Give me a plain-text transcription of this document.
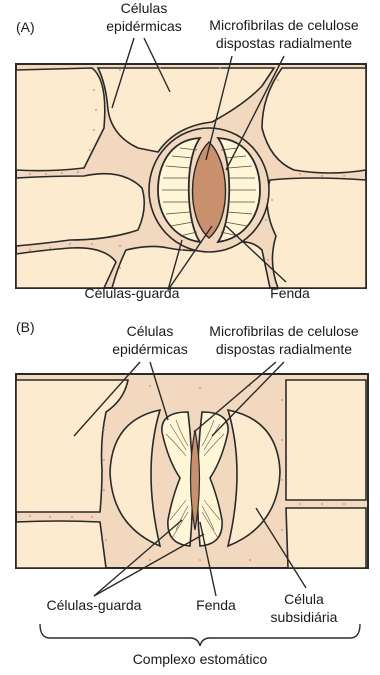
(A)
Células
epidérmicas Microfibrilas de celulose
dispostas radialmente
Células-guarda	Fenda
(B)	Células
epidérmicas
Microfibrilas de celulose
dispostas radialmente
Células-guarda	Fenda	Célula
subsidiária
Complexo estomático
